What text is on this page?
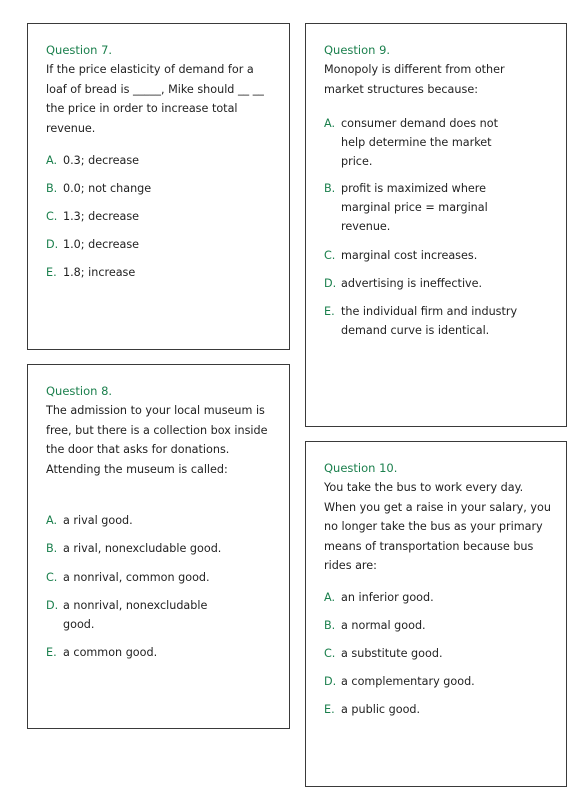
Question 7.

If the price elasticity of demand for a loaf of bread is _____, Mike should __ __ the price in order to increase total revenue.

A. 0.3; decrease
B. 0.0; not change
C. 1.3; decrease
D. 1.0; decrease
E. 1.8; increase
Question 8.

The admission to your local museum is free, but there is a collection box inside the door that asks for donations. Attending the museum is called:

A. a rival good.
B. a rival, nonexcludable good.
C. a nonrival, common good.
D. a nonrival, nonexcludable good.
E. a common good.
Question 9.

Monopoly is different from other market structures because:

A. consumer demand does not help determine the market price.
B. profit is maximized where marginal price = marginal revenue.
C. marginal cost increases.
D. advertising is ineffective.
E. the individual firm and industry demand curve is identical.
Question 10.

You take the bus to work every day. When you get a raise in your salary, you no longer take the bus as your primary means of transportation because bus rides are:

A. an inferior good.
B. a normal good.
C. a substitute good.
D. a complementary good.
E. a public good.
